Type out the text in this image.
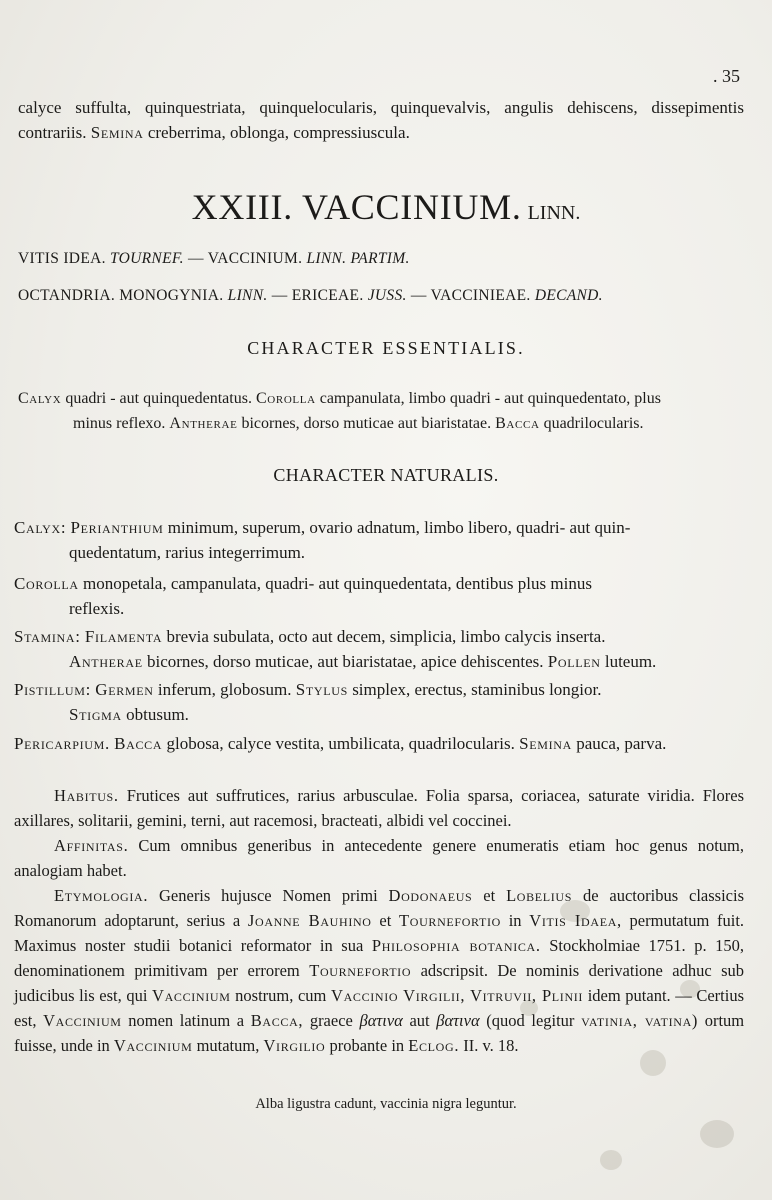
. 35
calyce suffulta, quinquestriata, quinquelocularis, quinquevalvis, angulis dehiscens, dissepimentis contrariis. Semina creberrima, oblonga, compressiuscula.
XXIII. VACCINIUM. LINN.
VITIS IDEA. TOURNEF. — VACCINIUM. LINN. PARTIM.
OCTANDRIA. MONOGYNIA. LINN. — ERICEAE. JUSS. — VACCINIEAE. DECAND.
CHARACTER ESSENTIALIS.
Calyx quadri - aut quinquedentatus. Corolla campanulata, limbo quadri - aut quinquedentato, plus
minus reflexo. Antherae bicornes, dorso muticae aut biaristatae. Bacca quadrilocularis.
CHARACTER NATURALIS.
Calyx: Perianthium minimum, superum, ovario adnatum, limbo libero, quadri- aut quin-
quedentatum, rarius integerrimum.
Corolla monopetala, campanulata, quadri- aut quinquedentata, dentibus plus minus
reflexis.
Stamina: Filamenta brevia subulata, octo aut decem, simplicia, limbo calycis inserta.
Antherae bicornes, dorso muticae, aut biaristatae, apice dehiscentes. Pollen luteum.
Pistillum: Germen inferum, globosum. Stylus simplex, erectus, staminibus longior.
Stigma obtusum.
Pericarpium. Bacca globosa, calyce vestita, umbilicata, quadrilocularis. Semina pauca, parva.
Habitus. Frutices aut suffrutices, rarius arbusculae. Folia sparsa, coriacea, saturate viridia. Flores axillares, solitarii, gemini, terni, aut racemosi, bracteati, albidi vel coccinei.
Affinitas. Cum omnibus generibus in antecedente genere enumeratis etiam hoc genus notum, analogiam habet.
Etymologia. Generis hujusce Nomen primi Dodonaeus et Lobelius de auctoribus classicis Romanorum adoptarunt, serius a Joanne Bauhino et Tournefortio in Vitis Idaea, permutatum fuit. Maximus noster studii botanici reformator in sua Philosophia botanica. Stockholmiae 1751. p. 150, denominationem primitivam per errorem Tournefortio adscripsit. De nominis derivatione adhuc sub judicibus lis est, qui Vaccinium nostrum, cum Vaccinio Virgilii, Vitruvii, Plinii idem putant. — Certius est, Vaccinium nomen latinum a Bacca, graece βατινα aut βατινα (quod legitur vatinia, vatina) ortum fuisse, unde in Vaccinium mutatum, Virgilio probante in Eclog. II. v. 18.
Alba ligustra cadunt, vaccinia nigra leguntur.
